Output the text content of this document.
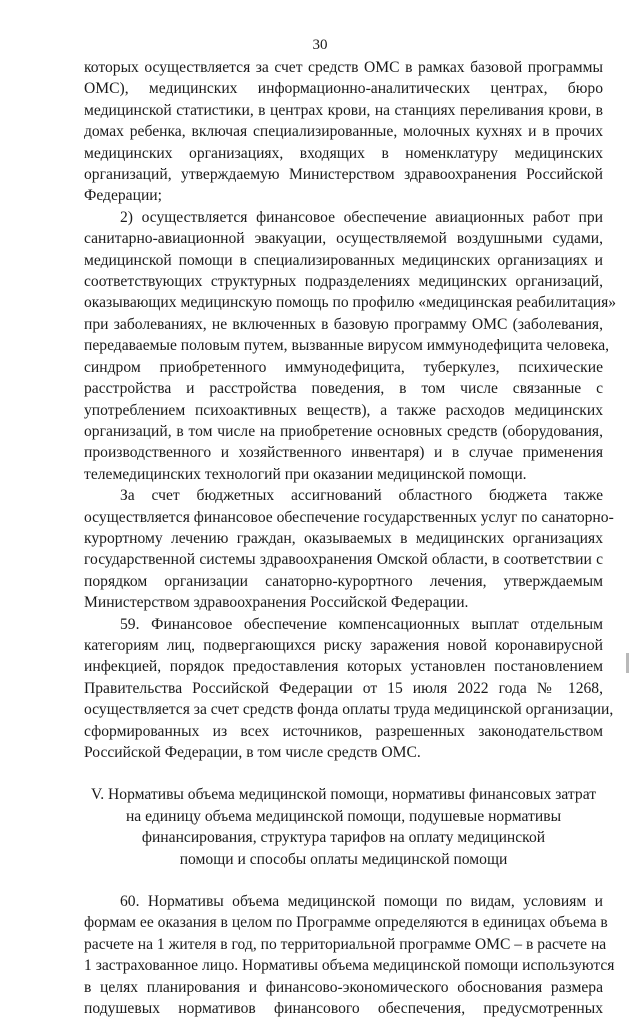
30

которых осуществляется за счет средств ОМС в рамках базовой программы

ОМС), медицинских информационно-аналитических центрах, бюро

медицинской статистики, в центрах крови, на станциях переливания крови, в

домах ребенка, включая специализированные, молочных кухнях и в прочих

медицинских организациях, входящих в номенклатуру медицинских

организаций, утверждаемую Министерством здравоохранения Российской

Федерации;

2) осуществляется финансовое обеспечение авиационных работ при

санитарно-авиационной эвакуации, осуществляемой воздушными судами,

медицинской помощи в специализированных медицинских организациях и

соответствующих структурных подразделениях медицинских организаций,

оказывающих медицинскую помощь по профилю «медицинская реабилитация»

при заболеваниях, не включенных в базовую программу ОМС (заболевания,

передаваемые половым путем, вызванные вирусом иммунодефицита человека,

синдром приобретенного иммунодефицита, туберкулез, психические

расстройства и расстройства поведения, в том числе связанные с

употреблением психоактивных веществ), а также расходов медицинских

организаций, в том числе на приобретение основных средств (оборудования,

производственного и хозяйственного инвентаря) и в случае применения

телемедицинских технологий при оказании медицинской помощи.

За счет бюджетных ассигнований областного бюджета также

осуществляется финансовое обеспечение государственных услуг по санаторно-

курортному лечению граждан, оказываемых в медицинских организациях

государственной системы здравоохранения Омской области, в соответствии с

порядком организации санаторно-курортного лечения, утверждаемым

Министерством здравоохранения Российской Федерации.

59. Финансовое обеспечение компенсационных выплат отдельным

категориям лиц, подвергающихся риску заражения новой коронавирусной

инфекцией, порядок предоставления которых установлен постановлением

Правительства Российской Федерации от 15 июля 2022 года № 1268,

осуществляется за счет средств фонда оплаты труда медицинской организации,

сформированных из всех источников, разрешенных законодательством

Российской Федерации, в том числе средств ОМС.

V. Нормативы объема медицинской помощи, нормативы финансовых затрат

на единицу объема медицинской помощи, подушевые нормативы

финансирования, структура тарифов на оплату медицинской

помощи и способы оплаты медицинской помощи

60. Нормативы объема медицинской помощи по видам, условиям и

формам ее оказания в целом по Программе определяются в единицах объема в

расчете на 1 жителя в год, по территориальной программе ОМС – в расчете на

1 застрахованное лицо. Нормативы объема медицинской помощи используются

в целях планирования и финансово-экономического обоснования размера

подушевых нормативов финансового обеспечения, предусмотренных
